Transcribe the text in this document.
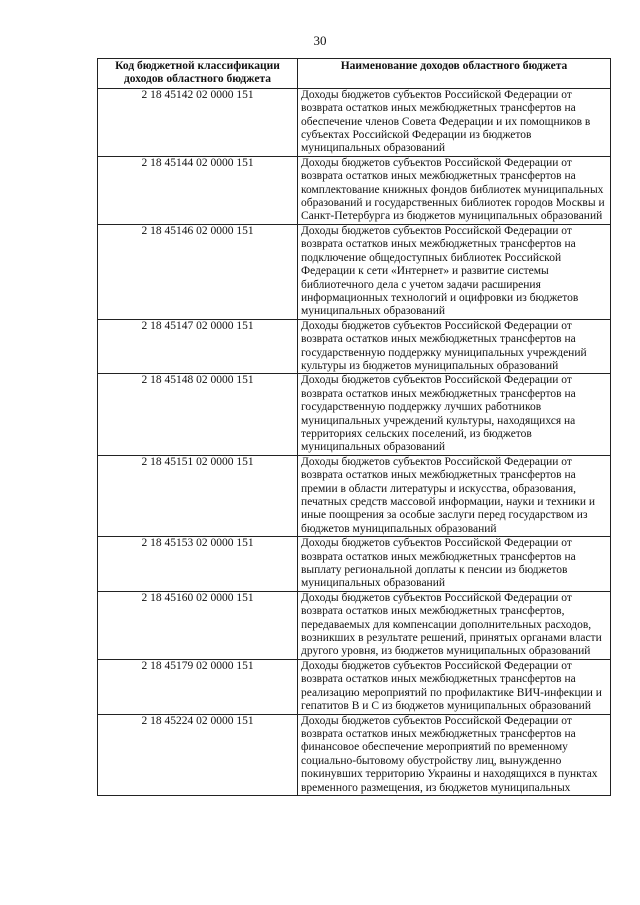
30
Код бюджетной классификации доходов областного бюджета	Наименование доходов областного бюджета
2 18 45142 02 0000 151	Доходы бюджетов субъектов Российской Федерации от возврата остатков иных межбюджетных трансфертов на обеспечение членов Совета Федерации и их помощников в субъектах Российской Федерации из бюджетов муниципальных образований
2 18 45144 02 0000 151	Доходы бюджетов субъектов Российской Федерации от возврата остатков иных межбюджетных трансфертов на комплектование книжных фондов библиотек муниципальных образований и государственных библиотек городов Москвы и Санкт-Петербурга из бюджетов муниципальных образований
2 18 45146 02 0000 151	Доходы бюджетов субъектов Российской Федерации от возврата остатков иных межбюджетных трансфертов на подключение общедоступных библиотек Российской Федерации к сети «Интернет» и развитие системы библиотечного дела с учетом задачи расширения информационных технологий и оцифровки из бюджетов муниципальных образований
2 18 45147 02 0000 151	Доходы бюджетов субъектов Российской Федерации от возврата остатков иных межбюджетных трансфертов на государственную поддержку муниципальных учреждений культуры из бюджетов муниципальных образований
2 18 45148 02 0000 151	Доходы бюджетов субъектов Российской Федерации от возврата остатков иных межбюджетных трансфертов на государственную поддержку лучших работников муниципальных учреждений культуры, находящихся на территориях сельских поселений, из бюджетов муниципальных образований
2 18 45151 02 0000 151	Доходы бюджетов субъектов Российской Федерации от возврата остатков иных межбюджетных трансфертов на премии в области литературы и искусства, образования, печатных средств массовой информации, науки и техники и иные поощрения за особые заслуги перед государством из бюджетов муниципальных образований
2 18 45153 02 0000 151	Доходы бюджетов субъектов Российской Федерации от возврата остатков иных межбюджетных трансфертов на выплату региональной доплаты к пенсии из бюджетов муниципальных образований
2 18 45160 02 0000 151	Доходы бюджетов субъектов Российской Федерации от возврата остатков иных межбюджетных трансфертов, передаваемых для компенсации дополнительных расходов, возникших в результате решений, принятых органами власти другого уровня, из бюджетов муниципальных образований
2 18 45179 02 0000 151	Доходы бюджетов субъектов Российской Федерации от возврата остатков иных межбюджетных трансфертов на реализацию мероприятий по профилактике ВИЧ-инфекции и гепатитов B и C из бюджетов муниципальных образований
2 18 45224 02 0000 151	Доходы бюджетов субъектов Российской Федерации от возврата остатков иных межбюджетных трансфертов на финансовое обеспечение мероприятий по временному социально-бытовому обустройству лиц, вынужденно покинувших территорию Украины и находящихся в пунктах временного размещения, из бюджетов муниципальных
